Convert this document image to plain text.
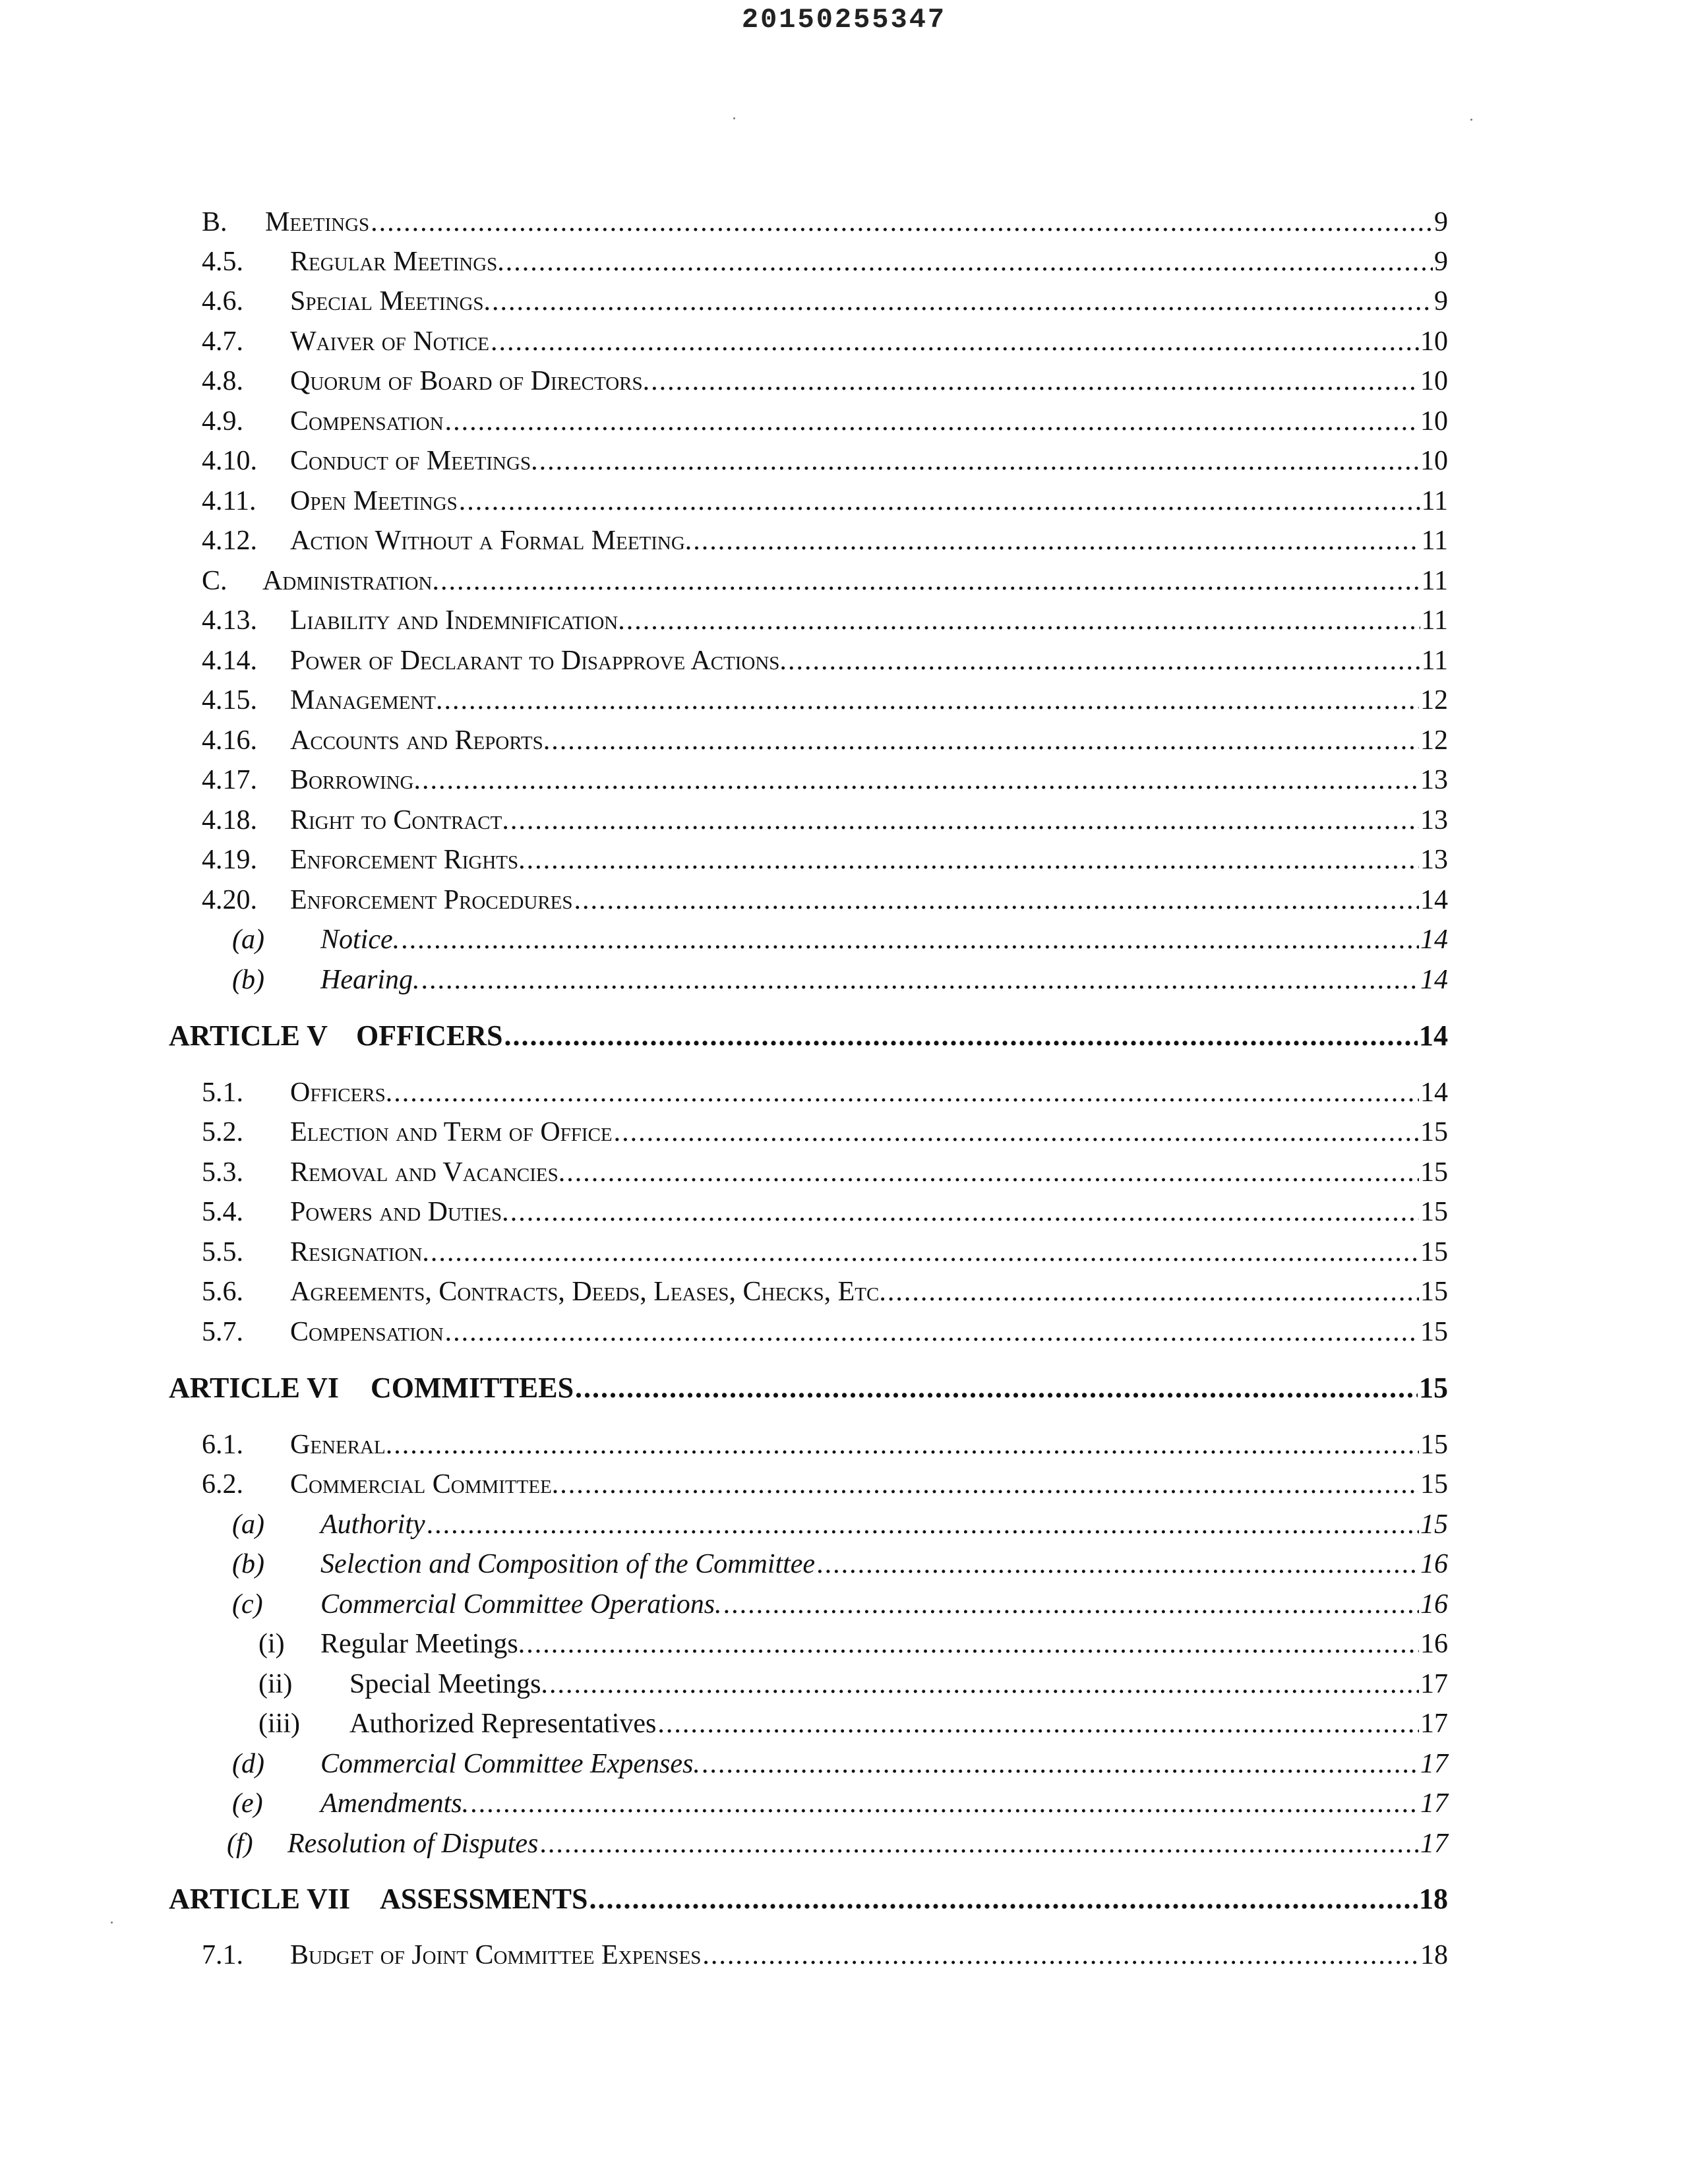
20150255347
B.	Meetings .....	9
4.5.	Regular Meetings. .....	9
4.6.	Special Meetings. .....	9
4.7.	Waiver of Notice .....	10
4.8.	Quorum of Board of Directors. .....	10
4.9.	Compensation .....	10
4.10.	Conduct of Meetings. .....	10
4.11.	Open Meetings .....	11
4.12.	Action Without a Formal Meeting. .....	11
C.	Administration. .....	11
4.13.	Liability and Indemnification. .....	11
4.14.	Power of Declarant to Disapprove Actions. .....	11
4.15.	Management. .....	12
4.16.	Accounts and Reports. .....	12
4.17.	Borrowing. .....	13
4.18.	Right to Contract. .....	13
4.19.	Enforcement Rights. .....	13
4.20.	Enforcement Procedures .....	14
(a)	Notice. .....	14
(b)	Hearing. .....	14
ARTICLE V OFFICERS .....	14
5.1.	Officers. .....	14
5.2.	Election and Term of Office .....	15
5.3.	Removal and Vacancies. .....	15
5.4.	Powers and Duties. .....	15
5.5.	Resignation. .....	15
5.6.	Agreements, Contracts, Deeds, Leases, Checks, Etc. .....	15
5.7.	Compensation .....	15
ARTICLE VI	COMMITTEES .....	15
6.1.	General. .....	15
6.2.	Commercial Committee. .....	15
(a)	Authority .....	15
(b)	Selection and Composition of the Committee .....	16
(c)	Commercial Committee Operations. .....	16
(i)	Regular Meetings. .....	16
(ii)	Special Meetings. .....	17
(iii)	Authorized Representatives .....	17
(d)	Commercial Committee Expenses. .....	17
(e)	Amendments. .....	17
(f)	Resolution of Disputes .....	17
ARTICLE VII	ASSESSMENTS .....	18
7.1.	Budget of Joint Committee Expenses .....	18
